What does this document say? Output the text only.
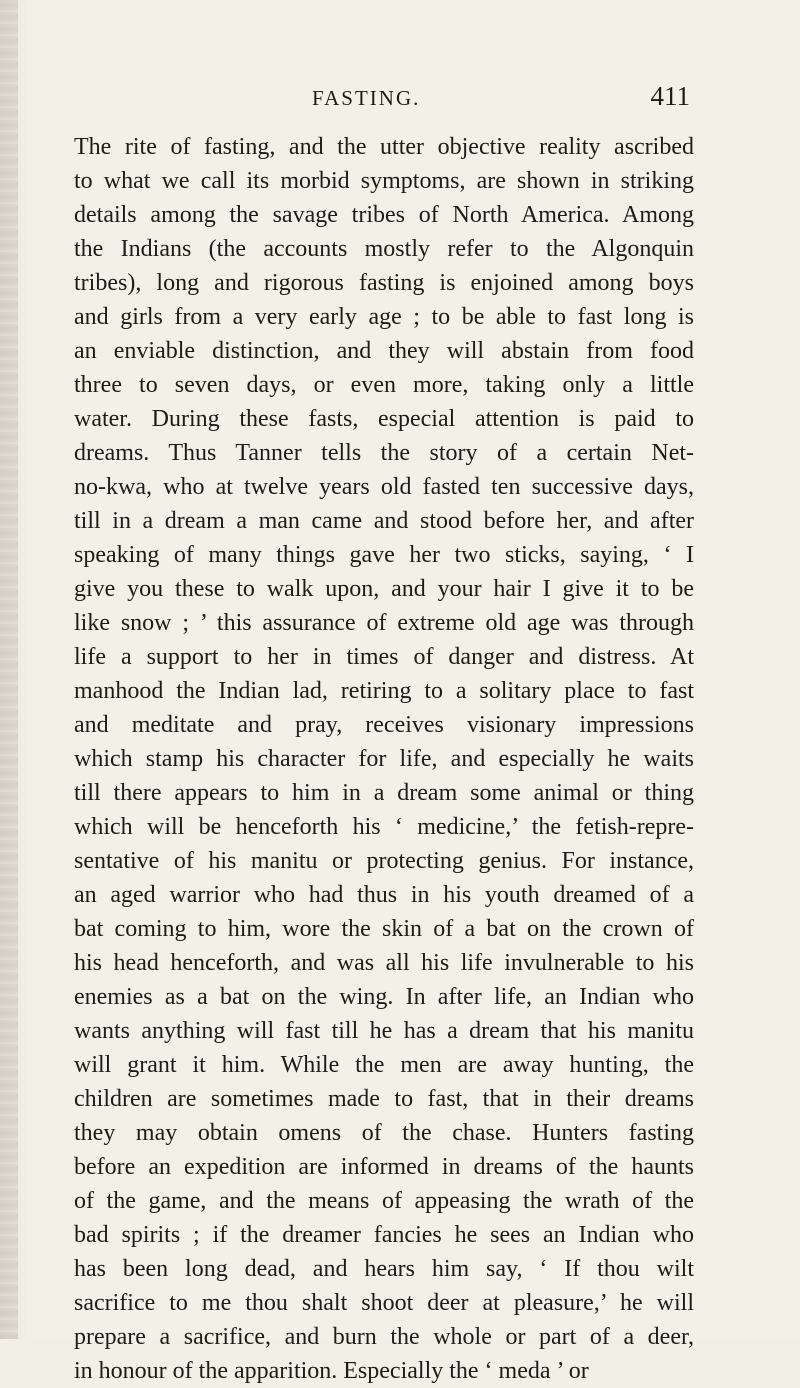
FASTING.	411
The rite of fasting, and the utter objective reality ascribed
to what we call its morbid symptoms, are shown in striking
details among the savage tribes of North America. Among
the Indians (the accounts mostly refer to the Algonquin
tribes), long and rigorous fasting is enjoined among boys
and girls from a very early age ; to be able to fast long is
an enviable distinction, and they will abstain from food
three to seven days, or even more, taking only a little
water. During these fasts, especial attention is paid to
dreams. Thus Tanner tells the story of a certain Net-
no-kwa, who at twelve years old fasted ten successive days,
till in a dream a man came and stood before her, and after
speaking of many things gave her two sticks, saying, ‘ I
give you these to walk upon, and your hair I give it to be
like snow ; ’ this assurance of extreme old age was through
life a support to her in times of danger and distress. At
manhood the Indian lad, retiring to a solitary place to fast
and meditate and pray, receives visionary impressions
which stamp his character for life, and especially he waits
till there appears to him in a dream some animal or thing
which will be henceforth his ‘ medicine,’ the fetish-repre-
sentative of his manitu or protecting genius. For instance,
an aged warrior who had thus in his youth dreamed of a
bat coming to him, wore the skin of a bat on the crown of
his head henceforth, and was all his life invulnerable to his
enemies as a bat on the wing. In after life, an Indian who
wants anything will fast till he has a dream that his manitu
will grant it him. While the men are away hunting, the
children are sometimes made to fast, that in their dreams
they may obtain omens of the chase. Hunters fasting
before an expedition are informed in dreams of the haunts
of the game, and the means of appeasing the wrath of the
bad spirits ; if the dreamer fancies he sees an Indian who
has been long dead, and hears him say, ‘ If thou wilt
sacrifice to me thou shalt shoot deer at pleasure,’ he will
prepare a sacrifice, and burn the whole or part of a deer,
in honour of the apparition. Especially the ‘ meda ’ or
